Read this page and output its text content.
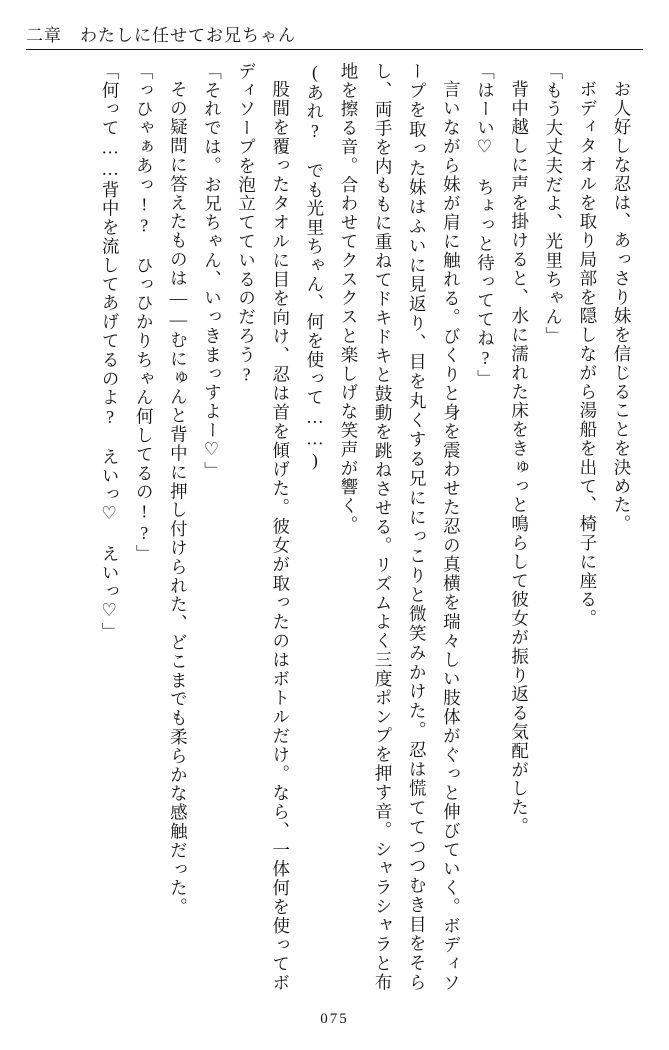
二章 わたしに任せてお兄ちゃん

お人好しな忍は、あっさり妹を信じることを決めた。

ボディタオルを取り局部を隠しながら湯船を出て、椅子に座る。

「もう大丈夫だよ、光里ちゃん」

背中越しに声を掛けると、水に濡れた床をきゅっと鳴らして彼女が振り返る気配がした。

「はーい♡　ちょっと待っててね?」

言いながら妹が肩に触れる。びくりと身を震わせた忍の真横を瑞々しい肢体がぐっと伸びていく。ボディソープを取った妹はふいに見返り、目を丸くする兄ににっこりと微笑みかけた。忍は慌ててつつむき目をそらし、両手を内ももに重ねてドキドキと鼓動を跳ねさせる。リズムよく三度ポンプを押す音。シャラシャラと布地を擦る音。合わせてクスクスと楽しげな笑声が響く。

(あれ?　でも光里ちゃん、何を使って……)

股間を覆ったタオルに目を向け、忍は首を傾げた。彼女が取ったのはボトルだけ。なら、一体何を使ってボディソープを泡立てているのだろう?

「それでは。お兄ちゃん、いっきまっすよー♡」

その疑問に答えたものは——むにゅんと背中に押し付けられた、どこまでも柔らかな感触だった。

「っひゃぁあっ!?　ひっひかりちゃん何してるの!?」

「何って……背中を流してあげてるのよ?　えいっ♡　えいっ♡」

075
